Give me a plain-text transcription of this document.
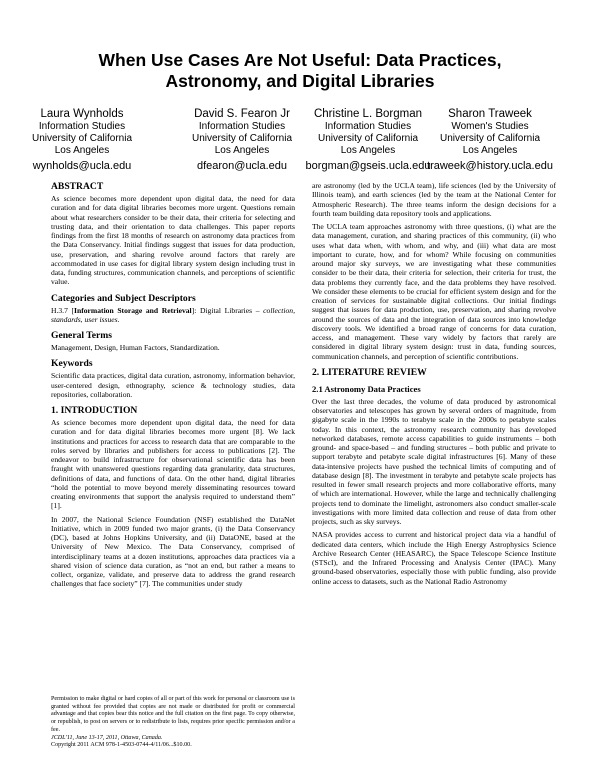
When Use Cases Are Not Useful: Data Practices,
Astronomy, and Digital Libraries
Laura Wynholds
Information Studies
University of California
Los Angeles
wynholds@ucla.edu
David S. Fearon Jr
Information Studies
University of California
Los Angeles
dfearon@ucla.edu
Christine L. Borgman
Information Studies
University of California
Los Angeles
borgman@gseis.ucla.edu
Sharon Traweek
Women's Studies
University of California
Los Angeles
traweek@history.ucla.edu
ABSTRACT

As science becomes more dependent upon digital data, the need for data curation and for data digital libraries becomes more urgent. Questions remain about what researchers consider to be their data, their criteria for selecting and trusting data, and their orientation to data challenges. This paper reports findings from the first 18 months of research on astronomy data practices from the Data Conservancy. Initial findings suggest that issues for data production, use, preservation, and sharing revolve around factors that rarely are accommodated in use cases for digital library system design including trust in data, funding structures, communication channels, and perceptions of scientific value.

Categories and Subject Descriptors

H.3.7 [Information Storage and Retrieval]: Digital Libraries – collection, standards, user issues.

General Terms

Management, Design, Human Factors, Standardization.

Keywords

Scientific data practices, digital data curation, astronomy, information behavior, user-centered design, ethnography, science & technology studies, data repositories, collaboration.

1. INTRODUCTION

As science becomes more dependent upon digital data, the need for data curation and for data digital libraries becomes more urgent [8]. We lack institutions and practices for access to research data that are comparable to the roles served by libraries and publishers for access to publications [2]. The endeavor to build infrastructure for observational scientific data has been fraught with unanswered questions regarding data granularity, data structures, definitions of data, and functions of data. On the other hand, digital libraries “hold the potential to move beyond merely disseminating resources toward creating environments that support the analysis required to understand them” [1].

In 2007, the National Science Foundation (NSF) established the DataNet Initiative, which in 2009 funded two major grants, (i) the Data Conservancy (DC), based at Johns Hopkins University, and (ii) DataONE, based at the University of New Mexico. The Data Conservancy, comprised of interdisciplinary teams at a dozen institutions, approaches data practices via a shared vision of science data curation, as “not an end, but rather a means to collect, organize, validate, and preserve data to address the grand research challenges that face society” [7]. The communities under study

Permission to make digital or hard copies of all or part of this work for personal or classroom use is granted without fee provided that copies are not made or distributed for profit or commercial advantage and that copies bear this notice and the full citation on the first page. To copy otherwise, or republish, to post on servers or to redistribute to lists, requires prior specific permission and/or a fee.

JCDL'11, June 13-17, 2011, Ottawa, Canada.

Copyright 2011 ACM 978-1-4503-0744-4/11/06...$10.00.

are astronomy (led by the UCLA team), life sciences (led by the University of Illinois team), and earth sciences (led by the team at the National Center for Atmospheric Research). The three teams inform the design decisions for a fourth team building data repository tools and applications.

The UCLA team approaches astronomy with three questions, (i) what are the data management, curation, and sharing practices of this community, (ii) who uses what data when, with whom, and why, and (iii) what data are most important to curate, how, and for whom? While focusing on communities around major sky surveys, we are investigating what these communities consider to be their data, their criteria for selection, their criteria for trust, the data problems they currently face, and the data problems they have resolved. We consider these elements to be crucial for efficient system design and for the creation of services for sustainable digital collections. Our initial findings suggest that issues for data production, use, preservation, and sharing revolve around the sources of data and the integration of data sources into knowledge discovery tools. We identified a broad range of concerns for data curation, access, and management. These vary widely by factors that rarely are considered in digital library system design: trust in data, funding sources, communication channels, and perception of scientific contributions.

2. LITERATURE REVIEW
2.1 Astronomy Data Practices

Over the last three decades, the volume of data produced by astronomical observatories and telescopes has grown by several orders of magnitude, from gigabyte scale in the 1990s to terabyte scale in the 2000s to petabyte scales today. In this context, the astronomy research community has developed networked databases, remote access capabilities to guide instruments – both ground- and space-based – and funding structures – both public and private to support terabyte and petabyte scale digital infrastructures [6]. Many of these data-intensive projects have pushed the technical limits of computing and of database design [8]. The investment in terabyte and petabyte scale projects has resulted in fewer small research projects and more collaborative efforts, many of which are international. However, while the large and technically challenging projects tend to dominate the limelight, astronomers also conduct smaller-scale investigations with more limited data collection and reuse of data from other projects, such as sky surveys.

NASA provides access to current and historical project data via a handful of dedicated data centers, which include the High Energy Astrophysics Science Archive Research Center (HEASARC), the Space Telescope Science Institute (STScI), and the Infrared Processing and Analysis Center (IPAC). Many ground-based observatories, especially those with public funding, also provide online access to datasets, such as the National Radio Astronomy
